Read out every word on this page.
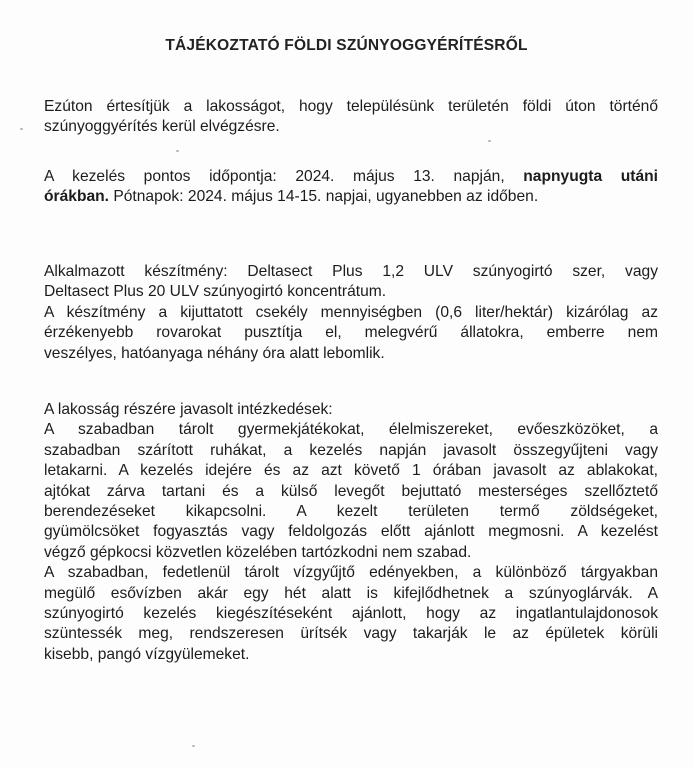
TÁJÉKOZTATÓ FÖLDI SZÚNYOGGYÉRÍTÉSRŐL
Ezúton értesítjük a lakosságot, hogy településünk területén földi úton történő
szúnyoggyérítés kerül elvégzésre.
A kezelés pontos időpontja: 2024. május 13. napján, napnyugta utáni
órákban. Pótnapok: 2024. május 14-15. napjai, ugyanebben az időben.
Alkalmazott készítmény: Deltasect Plus 1,2 ULV szúnyogirtó szer, vagy
Deltasect Plus 20 ULV szúnyogirtó koncentrátum.
A készítmény a kijuttatott csekély mennyiségben (0,6 liter/hektár) kizárólag az
érzékenyebb rovarokat pusztítja el, melegvérű állatokra, emberre nem
veszélyes, hatóanyaga néhány óra alatt lebomlik.
A lakosság részére javasolt intézkedések:
A szabadban tárolt gyermekjátékokat, élelmiszereket, evőeszközöket, a
szabadban szárított ruhákat, a kezelés napján javasolt összegyűjteni vagy
letakarni. A kezelés idejére és az azt követő 1 órában javasolt az ablakokat,
ajtókat zárva tartani és a külső levegőt bejuttató mesterséges szellőztető
berendezéseket kikapcsolni. A kezelt területen termő zöldségeket,
gyümölcsöket fogyasztás vagy feldolgozás előtt ajánlott megmosni. A kezelést
végző gépkocsi közvetlen közelében tartózkodni nem szabad.
A szabadban, fedetlenül tárolt vízgyűjtő edényekben, a különböző tárgyakban
megülő esővízben akár egy hét alatt is kifejlődhetnek a szúnyoglárvák. A
szúnyogirtó kezelés kiegészítéseként ajánlott, hogy az ingatlantulajdonosok
szüntessék meg, rendszeresen ürítsék vagy takarják le az épületek körüli
kisebb, pangó vízgyülemeket.
